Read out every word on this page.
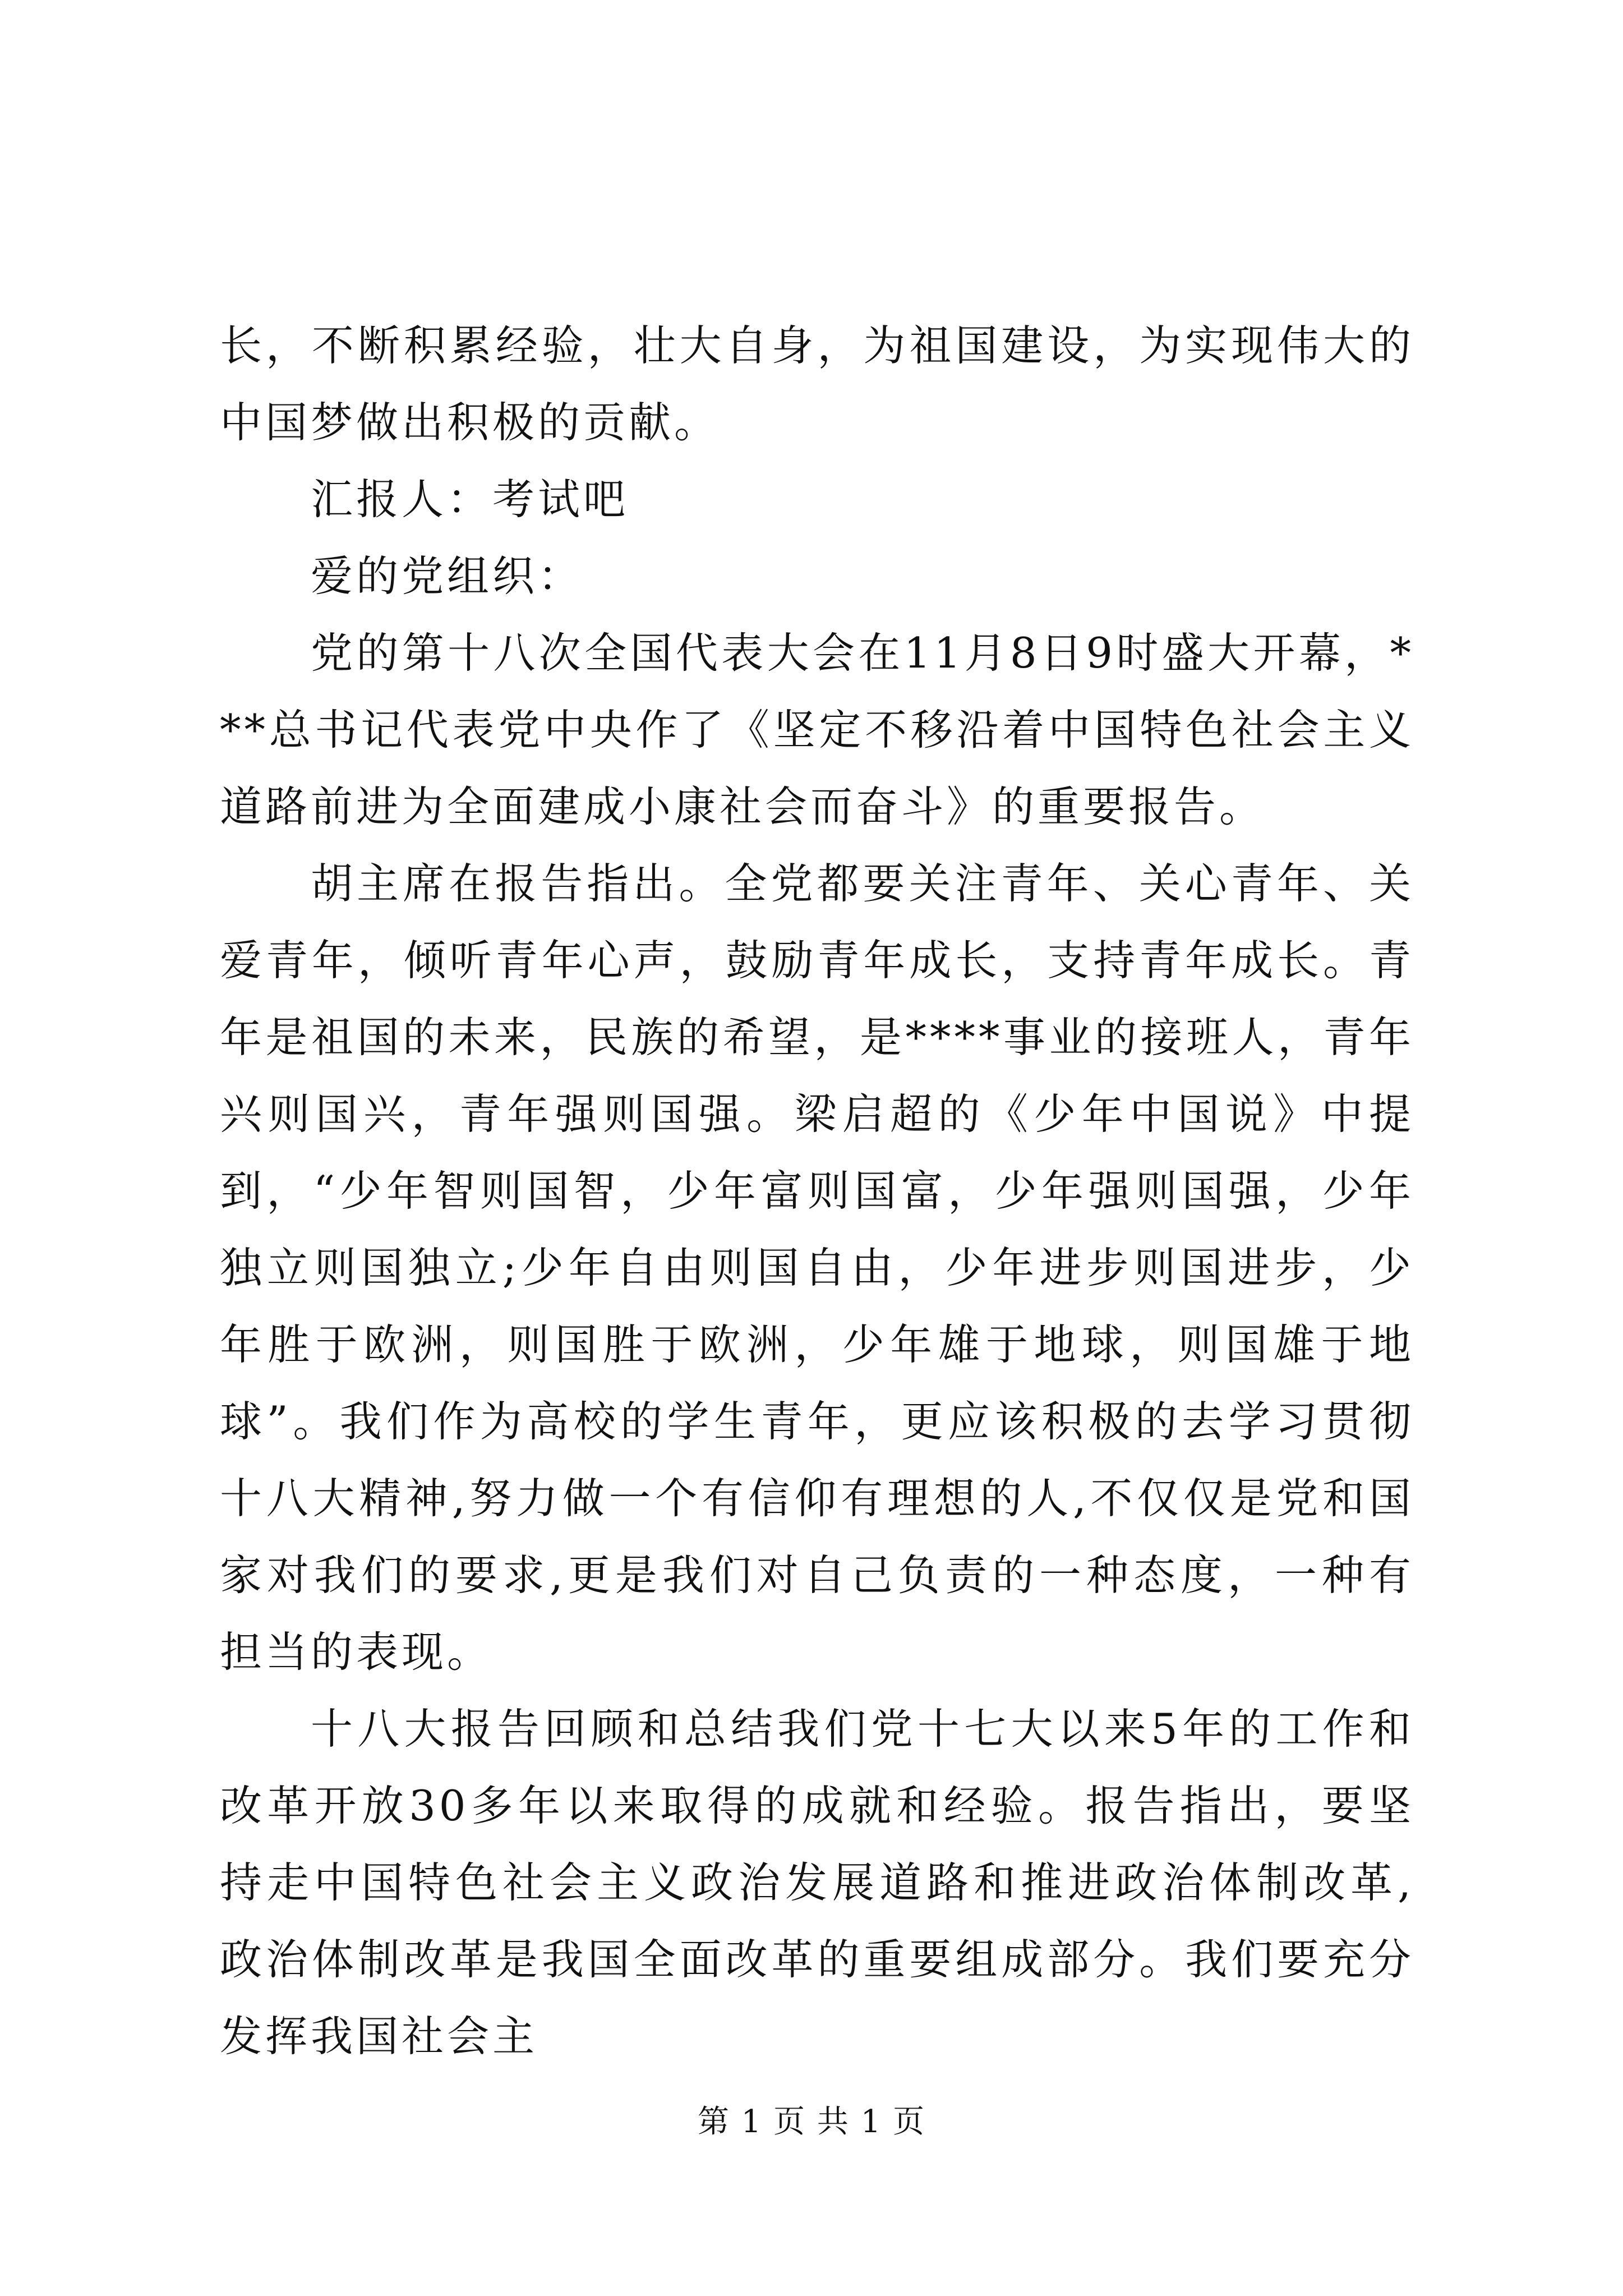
长，不断积累经验，壮大自身，为祖国建设，为实现伟大的中国梦做出积极的贡献。

汇报人：考试吧

爱的党组织：

党的第十八次全国代表大会在11月8日9时盛大开幕，***总书记代表党中央作了《坚定不移沿着中国特色社会主义道路前进为全面建成小康社会而奋斗》的重要报告。

胡主席在报告指出。全党都要关注青年、关心青年、关爱青年，倾听青年心声，鼓励青年成长，支持青年成长。青年是祖国的未来，民族的希望，是****事业的接班人，青年兴则国兴，青年强则国强。梁启超的《少年中国说》中提到，“少年智则国智，少年富则国富，少年强则国强，少年独立则国独立;少年自由则国自由，少年进步则国进步，少年胜于欧洲，则国胜于欧洲，少年雄于地球，则国雄于地球”。我们作为高校的学生青年，更应该积极的去学习贯彻十八大精神,努力做一个有信仰有理想的人,不仅仅是党和国家对我们的要求,更是我们对自己负责的一种态度，一种有担当的表现。

十八大报告回顾和总结我们党十七大以来5年的工作和改革开放30多年以来取得的成就和经验。报告指出，要坚持走中国特色社会主义政治发展道路和推进政治体制改革,政治体制改革是我国全面改革的重要组成部分。我们要充分发挥我国社会主

第 1 页 共 1 页
